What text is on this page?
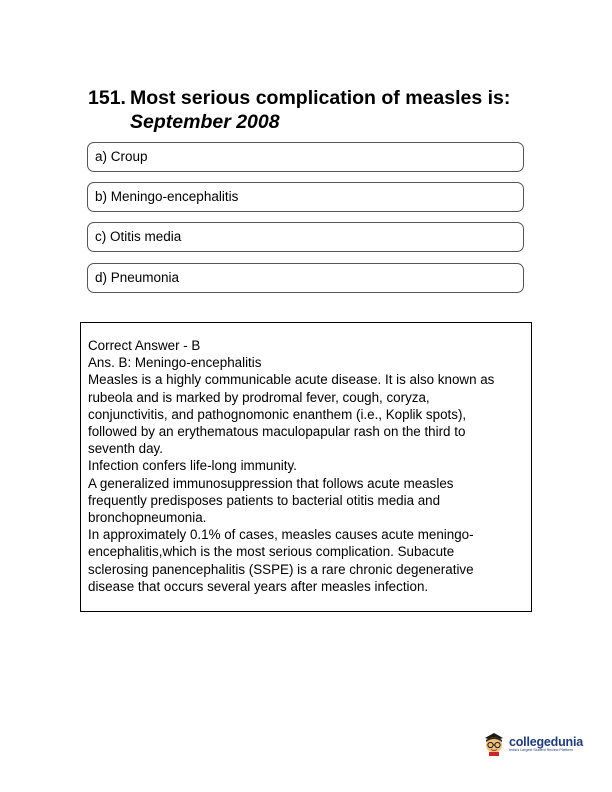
151. Most serious complication of measles is:
September 2008
a) Croup
b) Meningo-encephalitis
c) Otitis media
d) Pneumonia
Correct Answer - B
Ans. B: Meningo-encephalitis
Measles is a highly communicable acute disease. It is also known as
rubeola and is marked by prodromal fever, cough, coryza,
conjunctivitis, and pathognomonic enanthem (i.e., Koplik spots),
followed by an erythematous maculopapular rash on the third to
seventh day.
Infection confers life-long immunity.
A generalized immunosuppression that follows acute measles
frequently predisposes patients to bacterial otitis media and
bronchopneumonia.
In approximately 0.1% of cases, measles causes acute meningo-
encephalitis,which is the most serious complication. Subacute
sclerosing panencephalitis (SSPE) is a rare chronic degenerative
disease that occurs several years after measles infection.
collegedunia
India's Largest Student Review Platform
